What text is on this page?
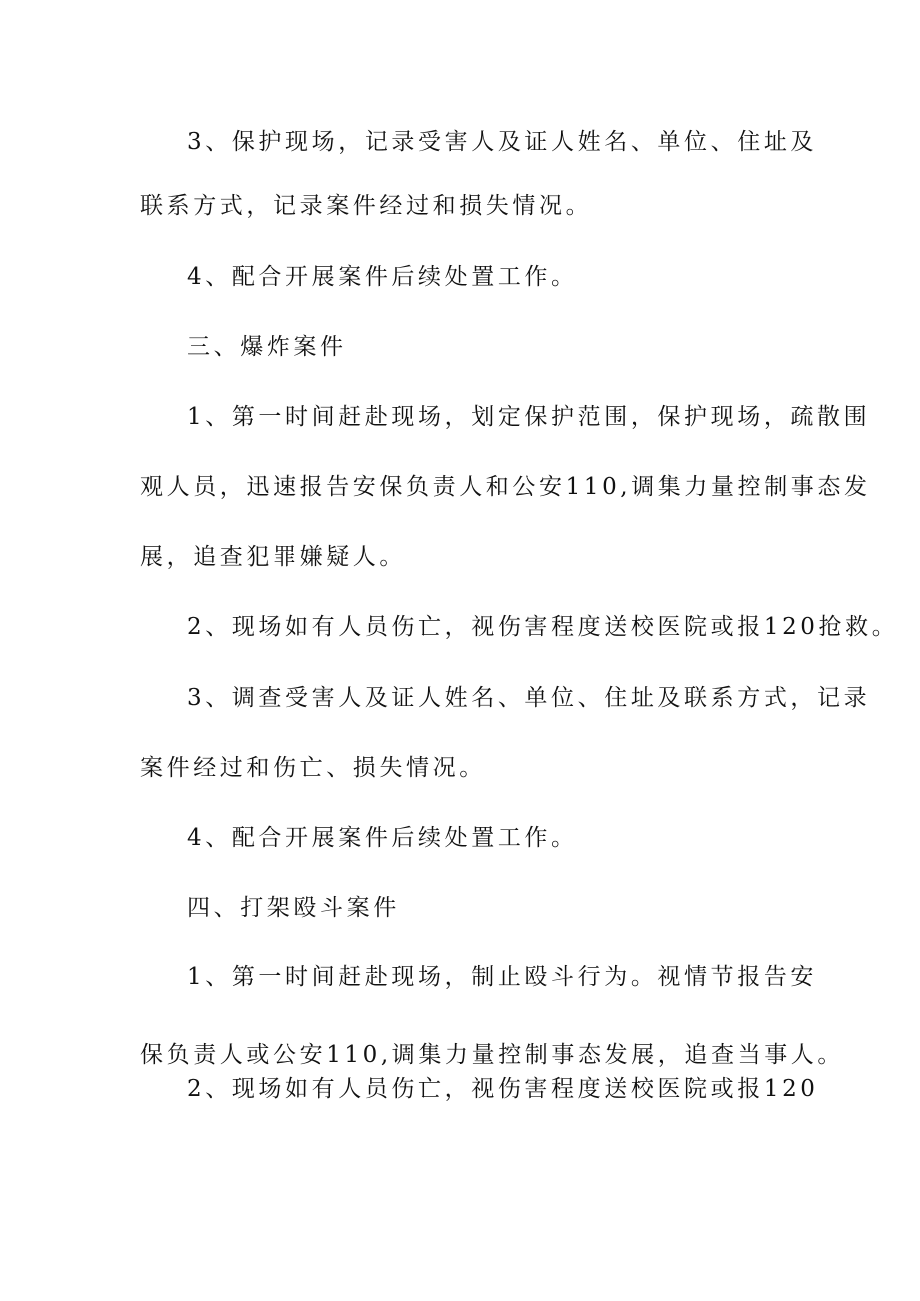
3、保护现场，记录受害人及证人姓名、单位、住址及
联系方式，记录案件经过和损失情况。
4、配合开展案件后续处置工作。
三、爆炸案件
1、第一时间赶赴现场，划定保护范围，保护现场，疏散围
观人员，迅速报告安保负责人和公安110,调集力量控制事态发
展，追查犯罪嫌疑人。
2、现场如有人员伤亡，视伤害程度送校医院或报120抢救。
3、调查受害人及证人姓名、单位、住址及联系方式，记录
案件经过和伤亡、损失情况。
4、配合开展案件后续处置工作。
四、打架殴斗案件
1、第一时间赶赴现场，制止殴斗行为。视情节报告安
保负责人或公安110,调集力量控制事态发展，追查当事人。
2、现场如有人员伤亡，视伤害程度送校医院或报120
